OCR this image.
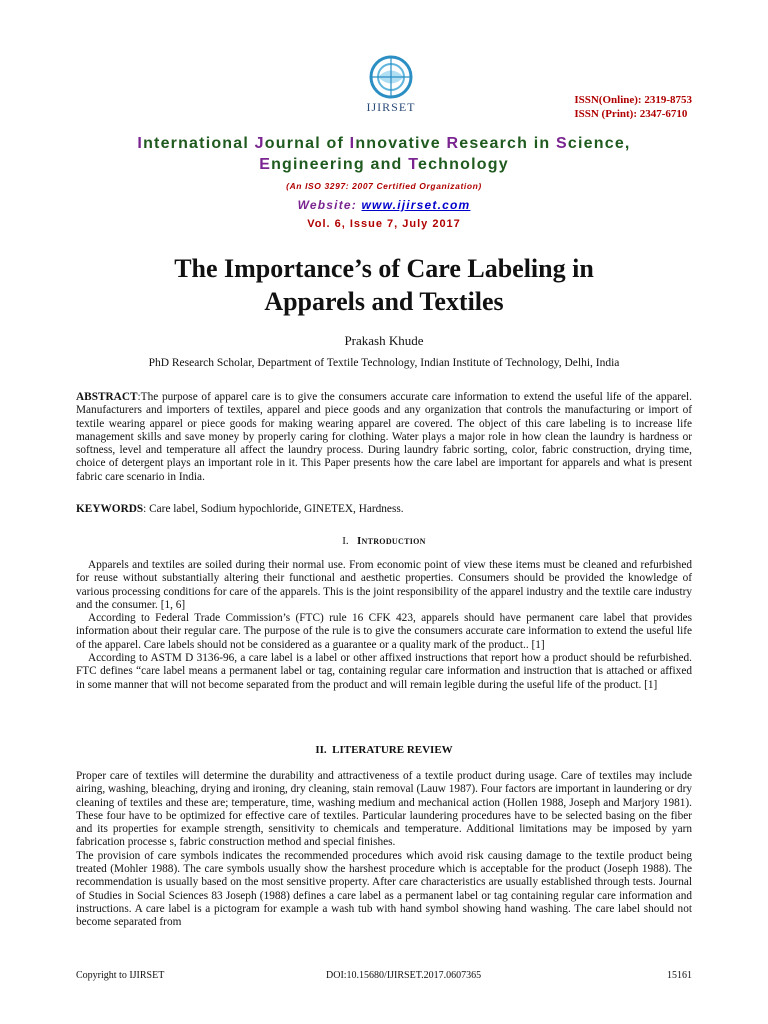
IJIRSET	ISSN(Online): 2319-8753
ISSN (Print): 2347-6710
International Journal of Innovative Research in Science,
Engineering and Technology
(An ISO 3297: 2007 Certified Organization)
Website: www.ijirset.com
Vol. 6, Issue 7, July 2017
The Importance’s of Care Labeling in
Apparels and Textiles
Prakash Khude
PhD Research Scholar, Department of Textile Technology, Indian Institute of Technology, Delhi, India
ABSTRACT:The purpose of apparel care is to give the consumers accurate care information to extend the useful life of the apparel. Manufacturers and importers of textiles, apparel and piece goods and any organization that controls the manufacturing or import of textile wearing apparel or piece goods for making wearing apparel are covered. The object of this care labeling is to increase life management skills and save money by properly caring for clothing. Water plays a major role in how clean the laundry is hardness or softness, level and temperature all affect the laundry process. During laundry fabric sorting, color, fabric construction, drying time, choice of detergent plays an important role in it. This Paper presents how the care label are important for apparels and what is present fabric care scenario in India.
KEYWORDS: Care label, Sodium hypochloride, GINETEX, Hardness.
I. Introduction

Apparels and textiles are soiled during their normal use. From economic point of view these items must be cleaned and refurbished for reuse without substantially altering their functional and aesthetic properties. Consumers should be provided the knowledge of various processing conditions for care of the apparels. This is the joint responsibility of the apparel industry and the textile care industry and the consumer. [1, 6]

According to Federal Trade Commission’s (FTC) rule 16 CFK 423, apparels should have permanent care label that provides information about their regular care. The purpose of the rule is to give the consumers accurate care information to extend the useful life of the apparel. Care labels should not be considered as a guarantee or a quality mark of the product.. [1]

According to ASTM D 3136-96, a care label is a label or other affixed instructions that report how a product should be refurbished. FTC defines “care label means a permanent label or tag, containing regular care information and instruction that is attached or affixed in some manner that will not become separated from the product and will remain legible during the useful life of the product. [1]

II. LITERATURE REVIEW

Proper care of textiles will determine the durability and attractiveness of a textile product during usage. Care of textiles may include airing, washing, bleaching, drying and ironing, dry cleaning, stain removal (Lauw 1987). Four factors are important in laundering or dry cleaning of textiles and these are; temperature, time, washing medium and mechanical action (Hollen 1988, Joseph and Marjory 1981). These four have to be optimized for effective care of textiles. Particular laundering procedures have to be selected basing on the fiber and its properties for example strength, sensitivity to chemicals and temperature. Additional limitations may be imposed by yarn fabrication processe s, fabric construction method and special finishes.

The provision of care symbols indicates the recommended procedures which avoid risk causing damage to the textile product being treated (Mohler 1988). The care symbols usually show the harshest procedure which is acceptable for the product (Joseph 1988). The recommendation is usually based on the most sensitive property. After care characteristics are usually established through tests. Journal of Studies in Social Sciences 83 Joseph (1988) defines a care label as a permanent label or tag containing regular care information and instructions. A care label is a pictogram for example a wash tub with hand symbol showing hand washing. The care label should not become separated from

Copyright to IJIRSET	DOI:10.15680/IJIRSET.2017.0607365	15161
